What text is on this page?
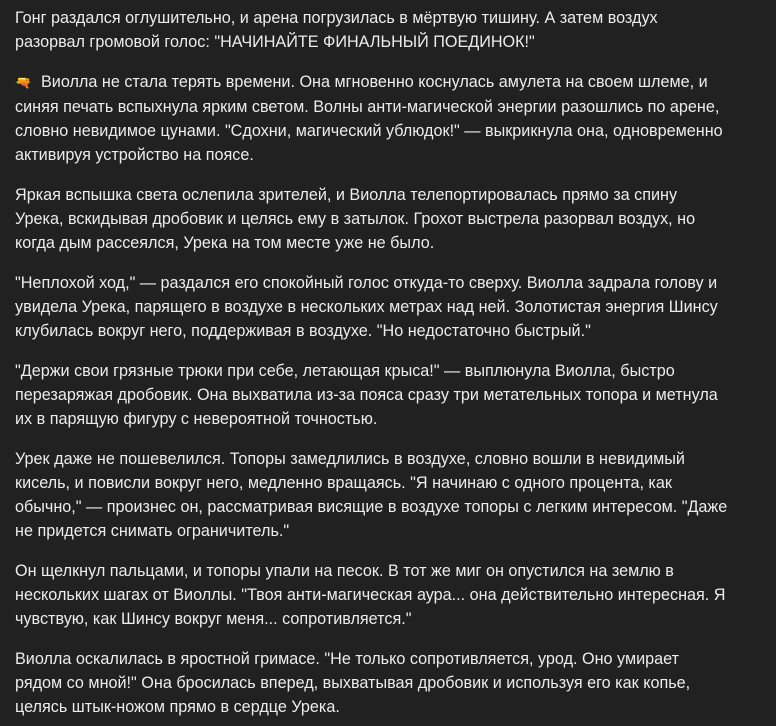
Гонг раздался оглушительно, и арена погрузилась в мёртвую тишину. А затем воздух
разорвал громовой голос: "НАЧИНАЙТЕ ФИНАЛЬНЫЙ ПОЕДИНОК!"

🔫 Виолла не стала терять времени. Она мгновенно коснулась амулета на своем шлеме, и
синяя печать вспыхнула ярким светом. Волны анти-магической энергии разошлись по арене,
словно невидимое цунами. "Сдохни, магический ублюдок!" — выкрикнула она, одновременно
активируя устройство на поясе.

Яркая вспышка света ослепила зрителей, и Виолла телепортировалась прямо за спину
Урека, вскидывая дробовик и целясь ему в затылок. Грохот выстрела разорвал воздух, но
когда дым рассеялся, Урека на том месте уже не было.

"Неплохой ход," — раздался его спокойный голос откуда-то сверху. Виолла задрала голову и
увидела Урека, парящего в воздухе в нескольких метрах над ней. Золотистая энергия Шинсу
клубилась вокруг него, поддерживая в воздухе. "Но недостаточно быстрый."

"Держи свои грязные трюки при себе, летающая крыса!" — выплюнула Виолла, быстро
перезаряжая дробовик. Она выхватила из-за пояса сразу три метательных топора и метнула
их в парящую фигуру с невероятной точностью.

Урек даже не пошевелился. Топоры замедлились в воздухе, словно вошли в невидимый
кисель, и повисли вокруг него, медленно вращаясь. "Я начинаю с одного процента, как
обычно," — произнес он, рассматривая висящие в воздухе топоры с легким интересом. "Даже
не придется снимать ограничитель."

Он щелкнул пальцами, и топоры упали на песок. В тот же миг он опустился на землю в
нескольких шагах от Виоллы. "Твоя анти-магическая аура... она действительно интересная. Я
чувствую, как Шинсу вокруг меня... сопротивляется."

Виолла оскалилась в яростной гримасе. "Не только сопротивляется, урод. Оно умирает
рядом со мной!" Она бросилась вперед, выхватывая дробовик и используя его как копье,
целясь штык-ножом прямо в сердце Урека.
